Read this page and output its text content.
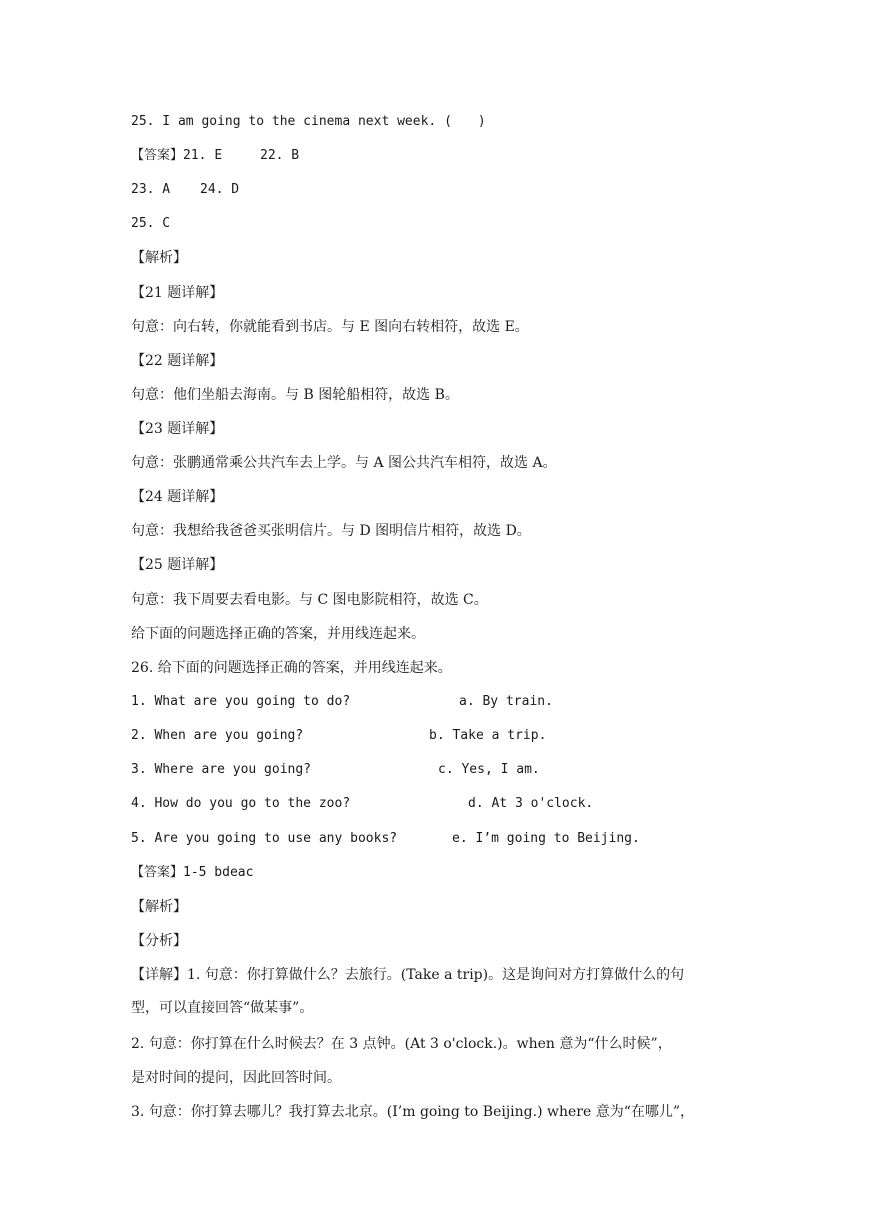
25. I am going to the cinema next week. (　　)

【答案】21. E	22. B

23. A 24. D

25. C

【解析】

【21 题详解】

句意：向右转，你就能看到书店。与 E 图向右转相符，故选 E。

【22 题详解】

句意：他们坐船去海南。与 B 图轮船相符，故选 B。

【23 题详解】

句意：张鹏通常乘公共汽车去上学。与 A 图公共汽车相符，故选 A。

【24 题详解】

句意：我想给我爸爸买张明信片。与 D 图明信片相符，故选 D。

【25 题详解】

句意：我下周要去看电影。与 C 图电影院相符，故选 C。

给下面的问题选择正确的答案，并用线连起来。

26. 给下面的问题选择正确的答案，并用线连起来。

1. What are you going to do?	a. By train.

2. When are you going?	b. Take a trip.

3. Where are you going?	c. Yes, I am.

4. How do you go to the zoo?	d. At 3 o'clock.

5. Are you going to use any books?	e. I’m going to Beijing.

【答案】1-5 bdeac

【解析】

【分析】

【详解】1. 句意：你打算做什么？去旅行。(Take a trip)。这是询问对方打算做什么的句

型，可以直接回答“做某事”。

2. 句意：你打算在什么时候去？在 3 点钟。(At 3 o'clock.)。when 意为“什么时候”，

是对时间的提问，因此回答时间。

3. 句意：你打算去哪儿？我打算去北京。(I’m going to Beijing.) where 意为“在哪儿”，
